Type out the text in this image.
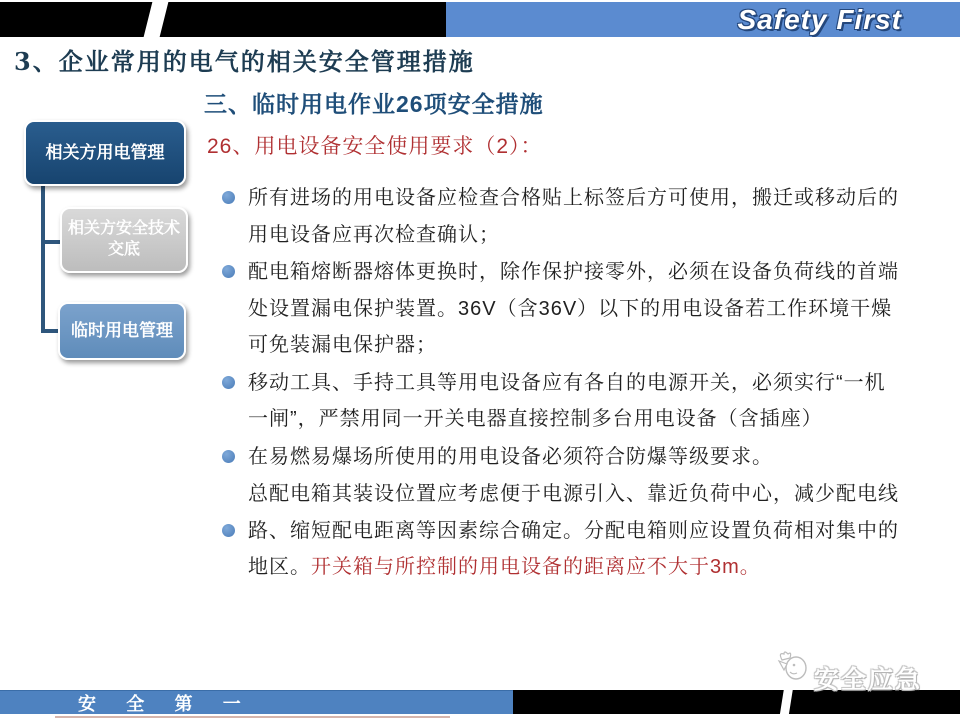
Safety First
3、企业常用的电气的相关安全管理措施
三、临时用电作业26项安全措施
26、用电设备安全使用要求（2）：
相关方用电管理
相关方安全技术交底
临时用电管理

所有进场的用电设备应检查合格贴上标签后方可使用，搬迁或移动后的用电设备应再次检查确认；

配电箱熔断器熔体更换时，除作保护接零外，必须在设备负荷线的首端处设置漏电保护装置。36V（含36V）以下的用电设备若工作环境干燥可免装漏电保护器；

移动工具、手持工具等用电设备应有各自的电源开关，必须实行“一机一闸”，严禁用同一开关电器直接控制多台用电设备（含插座）

在易燃易爆场所使用的用电设备必须符合防爆等级要求。

总配电箱其装设位置应考虑便于电源引入、靠近负荷中心，减少配电线路、缩短配电距离等因素综合确定。分配电箱则应设置负荷相对集中的地区。开关箱与所控制的用电设备的距离应不大于3m。

安 全 第 一
安全应急
